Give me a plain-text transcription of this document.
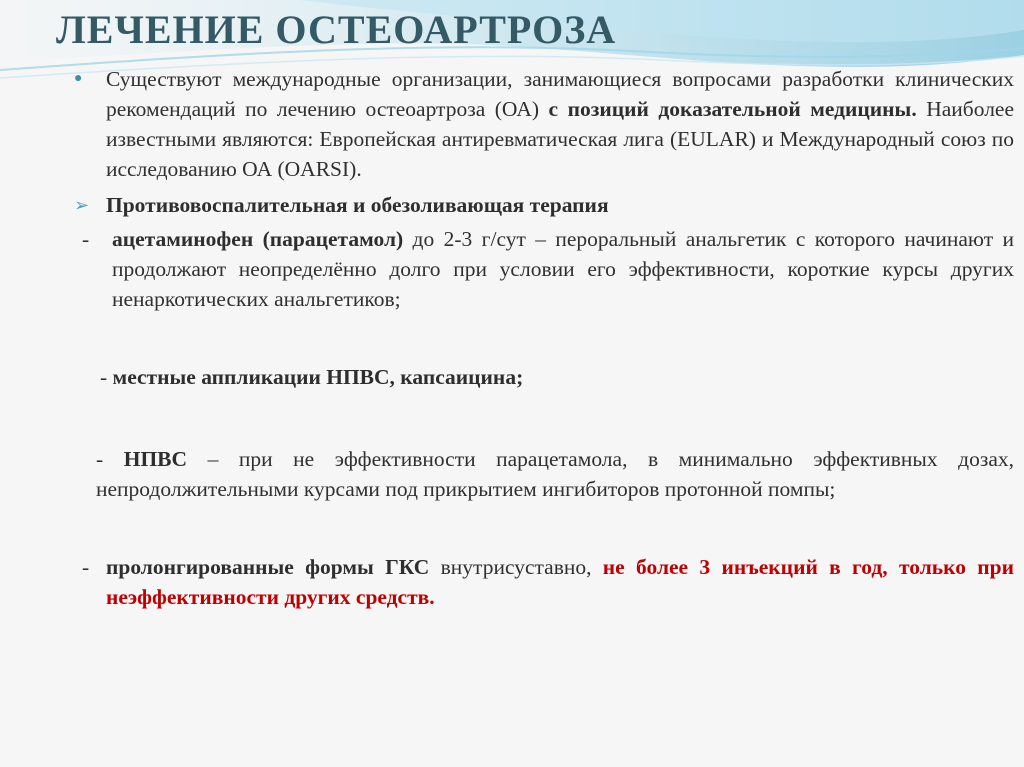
ЛЕЧЕНИЕ ОСТЕОАРТРОЗА
● Существуют международные организации, занимающиеся вопросами разработки клинических рекомендаций по лечению остеоартроза (ОА) с позиций доказательной медицины. Наиболее известными являются: Европейская антиревматическая лига (EULAR) и Международный союз по исследованию ОА (OARSI).
➢ Противовоспалительная и обезоливающая терапия
- ацетаминофен (парацетамол) до 2-3 г/сут – пероральный анальгетик с которого начинают и продолжают неопределённо долго при условии его эффективности, короткие курсы других ненаркотических анальгетиков;
- местные аппликации НПВС, капсаицина;
- НПВС – при не эффективности парацетамола, в минимально эффективных дозах, непродолжительными курсами под прикрытием ингибиторов протонной помпы;
- пролонгированные формы ГКС внутрисуставно, не более 3 инъекций в год, только при неэффективности других средств.
